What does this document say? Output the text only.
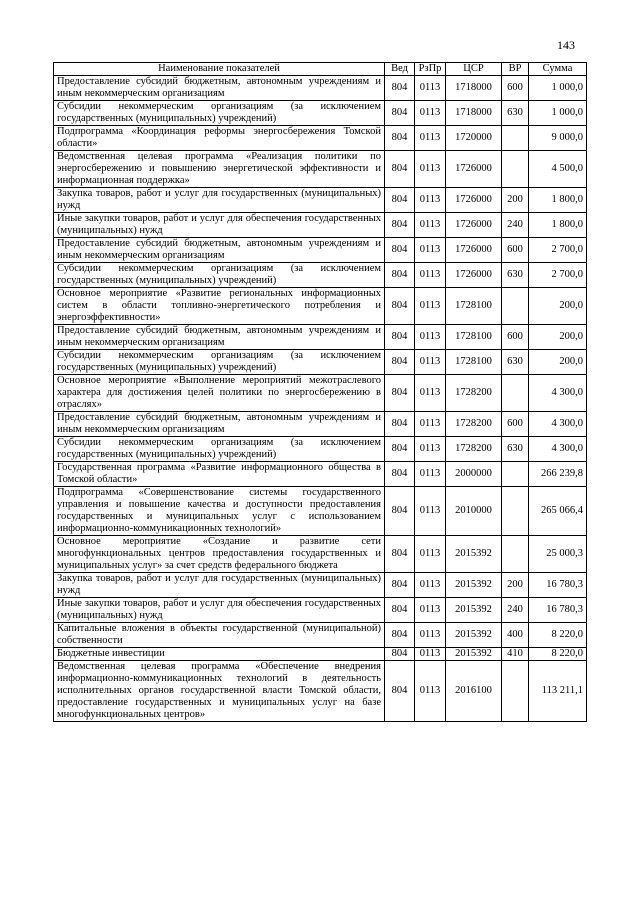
143
Наименование показателей	Вед	РзПр	ЦСР	ВР	Сумма
Предоставление субсидий бюджетным, автономным учреждениям и иным некоммерческим организациям	804	0113	1718000	600	1 000,0
Субсидии некоммерческим организациям (за исключением государственных (муниципальных) учреждений)	804	0113	1718000	630	1 000,0
Подпрограмма «Координация реформы энергосбережения Томской области»	804	0113	1720000		9 000,0
Ведомственная целевая программа «Реализация политики по энергосбережению и повышению энергетической эффективности и информационная поддержка»	804	0113	1726000		4 500,0
Закупка товаров, работ и услуг для государственных (муниципальных) нужд	804	0113	1726000	200	1 800,0
Иные закупки товаров, работ и услуг для обеспечения государственных (муниципальных) нужд	804	0113	1726000	240	1 800,0
Предоставление субсидий бюджетным, автономным учреждениям и иным некоммерческим организациям	804	0113	1726000	600	2 700,0
Субсидии некоммерческим организациям (за исключением государственных (муниципальных) учреждений)	804	0113	1726000	630	2 700,0
Основное мероприятие «Развитие региональных информационных систем в области топливно-энергетического потребления и энергоэффективности»	804	0113	1728100		200,0
Предоставление субсидий бюджетным, автономным учреждениям и иным некоммерческим организациям	804	0113	1728100	600	200,0
Субсидии некоммерческим организациям (за исключением государственных (муниципальных) учреждений)	804	0113	1728100	630	200,0
Основное мероприятие «Выполнение мероприятий межотраслевого характера для достижения целей политики по энергосбережению в отраслях»	804	0113	1728200		4 300,0
Предоставление субсидий бюджетным, автономным учреждениям и иным некоммерческим организациям	804	0113	1728200	600	4 300,0
Субсидии некоммерческим организациям (за исключением государственных (муниципальных) учреждений)	804	0113	1728200	630	4 300,0
Государственная программа «Развитие информационного общества в Томской области»	804	0113	2000000		266 239,8
Подпрограмма «Совершенствование системы государственного управления и повышение качества и доступности предоставления государственных и муниципальных услуг с использованием информационно-коммуникационных технологий»	804	0113	2010000		265 066,4
Основное мероприятие «Создание и развитие сети многофункциональных центров предоставления государственных и муниципальных услуг» за счет средств федерального бюджета	804	0113	2015392		25 000,3
Закупка товаров, работ и услуг для государственных (муниципальных) нужд	804	0113	2015392	200	16 780,3
Иные закупки товаров, работ и услуг для обеспечения государственных (муниципальных) нужд	804	0113	2015392	240	16 780,3
Капитальные вложения в объекты государственной (муниципальной) собственности	804	0113	2015392	400	8 220,0
Бюджетные инвестиции	804	0113	2015392	410	8 220,0
Ведомственная целевая программа «Обеспечение внедрения информационно-коммуникационных технологий в деятельность исполнительных органов государственной власти Томской области, предоставление государственных и муниципальных услуг на базе многофункциональных центров»	804	0113	2016100		113 211,1
